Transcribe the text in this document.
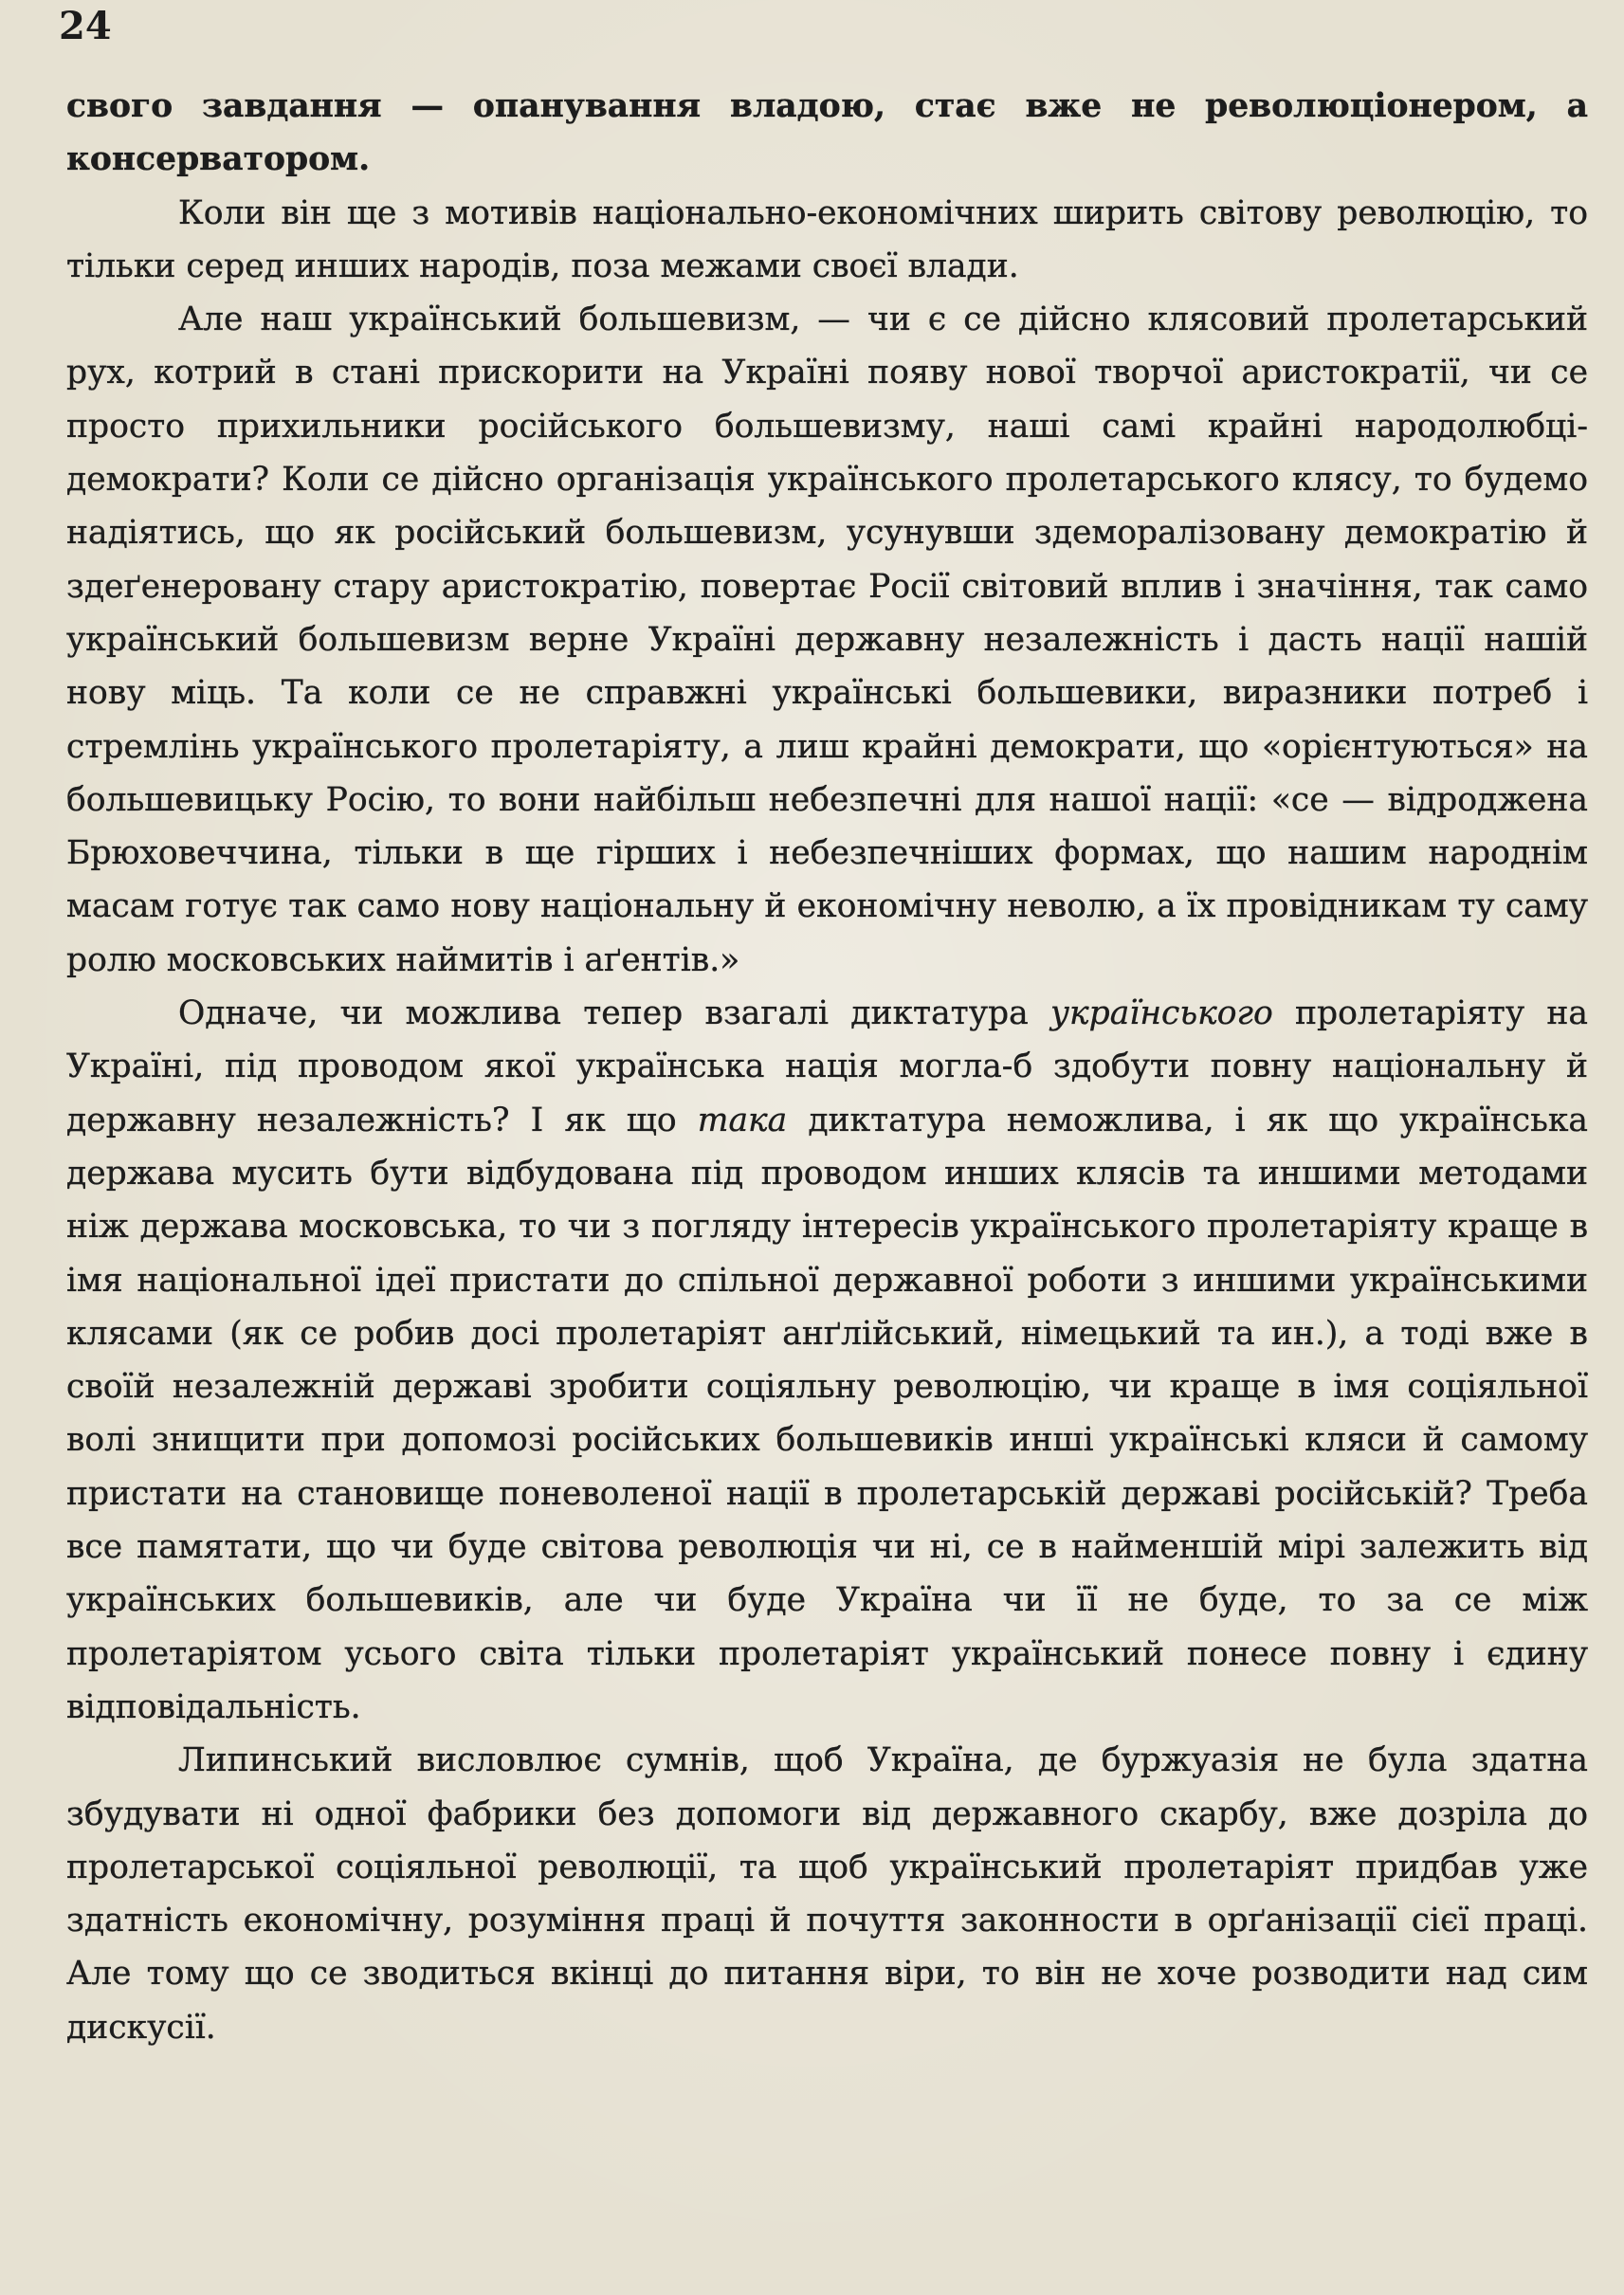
24

свого завдання — опанування владою, стає вже не революціонером, а консерватором.

Коли він ще з мотивів національно-економічних ширить світову революцію, то тільки серед инших народів, поза межами своєї влади.

Але наш український большевизм, — чи є се дійсно клясовий пролетарський рух, котрий в стані прискорити на Україні появу нової творчої аристократії, чи се просто прихильники російського большевизму, наші самі крайні народолюбці-демократи? Коли се дійсно організація українського пролетарського клясу, то будемо надіятись, що як російський большевизм, усунувши здеморалізовану демократію й здеґенеровану стару аристократію, повертає Росії світовий вплив і значіння, так само український большевизм верне Україні державну незалежність і дасть нації нашій нову міць. Та коли се не справжні українські большевики, виразники потреб і стремлінь українського пролетаріяту, а лиш крайні демократи, що «орієнтуються» на большевицьку Росію, то вони найбільш небезпечні для нашої нації: «се — відроджена Брюховеччина, тільки в ще гірших і небезпечніших формах, що нашим народнім масам готує так само нову національну й економічну неволю, а їх провідникам ту саму ролю московських наймитів і аґентів.»

Одначе, чи можлива тепер взагалі диктатура українського пролетаріяту на Україні, під проводом якої українська нація могла-б здобути повну національну й державну незалежність? І як що така диктатура неможлива, і як що українська держава мусить бути відбудована під проводом инших клясів та иншими методами ніж держава московська, то чи з погляду інтересів українського пролетаріяту краще в імя національної ідеї пристати до спільної державної роботи з иншими українськими клясами (як се робив досі пролетаріят анґлійський, німецький та ин.), а тоді вже в своїй незалежній державі зробити соціяльну революцію, чи краще в імя соціяльної волі знищити при допомозі російських большевиків инші українські кляси й самому пристати на становище поневоленої нації в пролетарській державі російській? Треба все памятати, що чи буде світова революція чи ні, се в найменшій мірі залежить від українських большевиків, але чи буде Україна чи її не буде, то за се між пролетаріятом усього світа тільки пролетаріят український понесе повну і єдину відповідальність.

Липинський висловлює сумнів, щоб Україна, де буржуазія не була здатна збудувати ні одної фабрики без допомоги від державного скарбу, вже дозріла до пролетарської соціяльної революції, та щоб український пролетаріят придбав уже здатність економічну, розуміння праці й почуття законности в орґанізації сієї праці. Але тому що се зводиться вкінці до питання віри, то він не хоче розводити над сим дискусії.
